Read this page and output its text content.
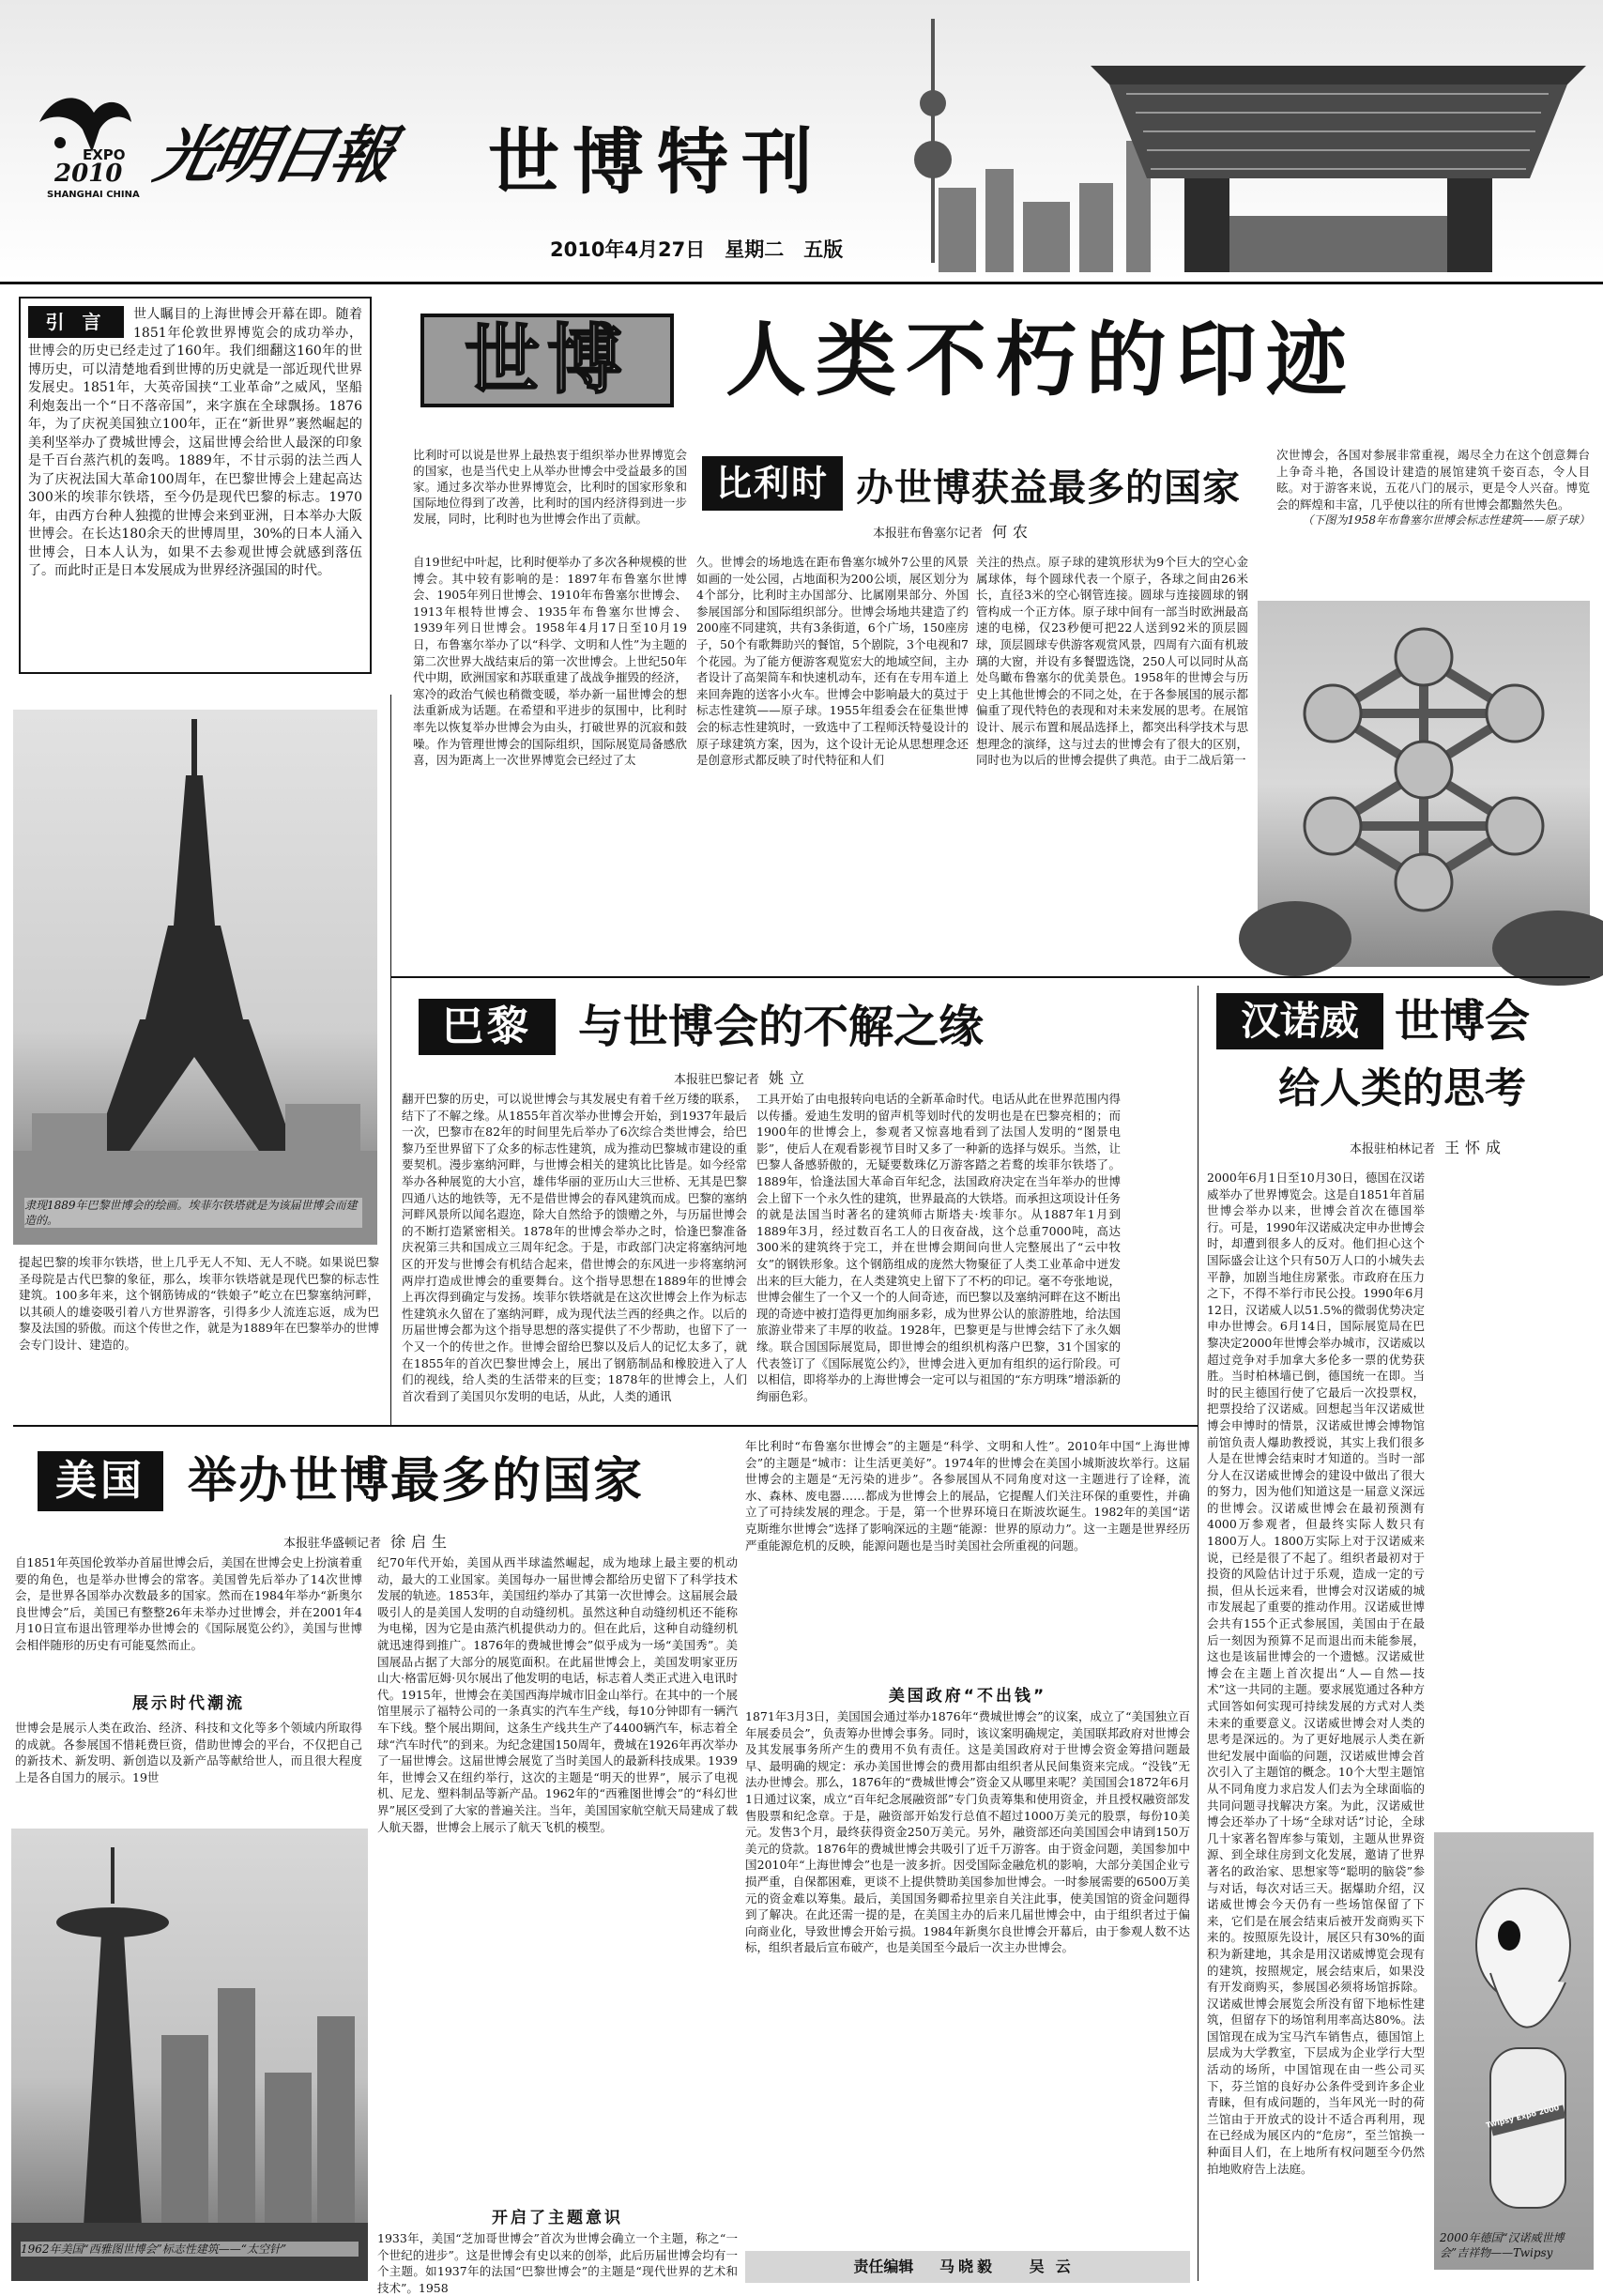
EXPO
2010
SHANGHAI CHINA
光明日報 世博特刊
2010年4月27日　星期二　五版
引 言	世人瞩目的上海世博会开幕在即。随着1851年伦敦世界博览会的成功举办，世博会的历史已经走过了160年。我们细翻这160年的世博历史，可以清楚地看到世博的历史就是一部近现代世界发展史。1851年，大英帝国挟“工业革命”之威风，坚船利炮轰出一个“日不落帝国”，来字旗在全球飘扬。1876年，为了庆祝美国独立100年，正在“新世界”裹然崛起的美利坚举办了费城世博会，这届世博会给世人最深的印象是千百台蒸汽机的轰鸣。1889年，不甘示弱的法兰西人为了庆祝法国大革命100周年，在巴黎世博会上建起高达300米的埃菲尔铁塔，至今仍是现代巴黎的标志。1970年，由西方台种人独揽的世博会来到亚洲，日本举办大阪世博会。在长达180余天的世博周里，30%的日本人涌入世博会，日本人认为，如果不去参观世博会就感到落伍了。而此时正是日本发展成为世界经济强国的时代。
世博	人类不朽的印迹
比利时可以说是世界上最热衷于组织举办世界博览会的国家，也是当代史上从举办世博会中受益最多的国家。通过多次举办世界博览会，比利时的国家形象和国际地位得到了改善，比利时的国内经济得到进一步发展，同时，比利时也为世博会作出了贡献。
比利时 办世博获益最多的国家
本报驻布鲁塞尔记者 何农
自19世纪中叶起，比利时便举办了多次各种规模的世博会。其中较有影响的是：1897年布鲁塞尔世博会、1905年列日世博会、1910年布鲁塞尔世博会、1913年根特世博会、1935年布鲁塞尔世博会、1939年列日世博会。1958年4月17日至10月19日，布鲁塞尔举办了以“科学、文明和人性”为主题的第二次世界大战结束后的第一次世博会。上世纪50年代中期，欧洲国家和苏联重建了战战争摧毁的经济，寒冷的政治气候也稍微变暖，举办新一届世博会的想法重新成为话题。在希望和平进步的氛围中，比利时率先以恢复举办世博会为由头，打破世界的沉寂和鼓噪。作为管理世博会的国际组织，国际展览局备感欣喜，因为距离上一次世界博览会已经过了太
久。世博会的场地选在距布鲁塞尔城外7公里的风景如画的一处公园，占地面积为200公顷，展区划分为4个部分，比利时主办国部分、比属刚果部分、外国参展国部分和国际组织部分。世博会场地共建造了约200座不同建筑，共有3条街道，6个广场，150座房子，50个有歌舞助兴的餐馆，5个剧院，3个电视和7个花园。为了能方便游客观览宏大的地域空间，主办者设计了高架简车和快速机动车，还有在专用车道上来回奔跑的送客小火车。世博会中影响最大的莫过于标志性建筑——原子球。1955年组委会在征集世博会的标志性建筑时，一致选中了工程师沃特曼设计的原子球建筑方案，因为，这个设计无论从思想理念还是创意形式都反映了时代特征和人们
关注的热点。原子球的建筑形状为9个巨大的空心金属球体，每个圆球代表一个原子，各球之间由26米长，直径3米的空心钢管连接。圆球与连接圆球的钢管构成一个正方体。原子球中间有一部当时欧洲最高速的电梯，仅23秒便可把22人送到92米的顶层圆球，顶层圆球专供游客观赏风景，四周有六面有机玻璃的大窗，并设有多餐盟选饶，250人可以同时从高处鸟瞰布鲁塞尔的优美景色。1958年的世博会与历史上其他世博会的不同之处，在于各参展国的展示都偏重了现代特色的表现和对未来发展的思考。在展馆设计、展示布置和展品选择上，都突出科学技术与思想理念的演绎，这与过去的世博会有了很大的区别，同时也为以后的世博会提供了典范。由于二战后第一
次世博会，各国对参展非常重视，竭尽全力在这个创意舞台上争奇斗艳，各国设计建造的展馆建筑千姿百态，令人目眩。对于游客来说，五花八门的展示，更是令人兴奋。博览会的辉煌和丰富，几乎使以往的所有世博会都黯然失色。

（下图为1958年布鲁塞尔世博会标志性建筑——原子球）
隶现1889年巴黎世博会的绘画。埃菲尔铁塔就是为该届世博会而建造的。
提起巴黎的埃菲尔铁塔，世上几乎无人不知、无人不晓。如果说巴黎圣母院是古代巴黎的象征，那么，埃菲尔铁塔就是现代巴黎的标志性建筑。100多年来，这个钢筋铸成的“铁娘子”屹立在巴黎塞纳河畔，以其硕人的雄姿吸引着八方世界游客，引得多少人流连忘返，成为巴黎及法国的骄傲。而这个传世之作，就是为1889年在巴黎举办的世博会专门设计、建造的。
巴黎	与世博会的不解之缘
本报驻巴黎记者 姚立
翻开巴黎的历史，可以说世博会与其发展史有着千丝万缕的联系，结下了不解之缘。从1855年首次举办世博会开始，到1937年最后一次，巴黎市在82年的时间里先后举办了6次综合类世博会，给巴黎乃至世界留下了众多的标志性建筑，成为推动巴黎城市建设的重要契机。漫步塞纳河畔，与世博会相关的建筑比比皆是。如今经常举办各种展览的大小宫，雄伟华丽的亚历山大三世桥、无其是巴黎四通八达的地铁等，无不是借世博会的春风建筑而成。巴黎的塞纳河畔风景所以闻名遐迩，除大自然给予的馈赠之外，与历届世博会的不断打造紧密相关。1878年的世博会举办之时，恰逢巴黎准备庆祝第三共和国成立三周年纪念。于是，市政部门决定将塞纳河地区的开发与世博会有机结合起来，借世博会的东风进一步将塞纳河两岸打造成世博会的重要舞台。这个指导思想在1889年的世博会上再次得到确定与发扬。埃菲尔铁塔就是在这次世博会上作为标志性建筑永久留在了塞纳河畔，成为现代法兰西的经典之作。以后的历届世博会都为这个指导思想的落实提供了不少帮助，也留下了一个又一个的传世之作。世博会留给巴黎以及后人的记忆太多了，就在1855年的首次巴黎世博会上，展出了钢筋制品和橡胶进入了人们的视线，给人类的生活带来的巨变；1878年的世博会上，人们首次看到了美国贝尔发明的电话，从此，人类的通讯
工具开始了由电报转向电话的全新革命时代。电话从此在世界范围内得以传播。爱迪生发明的留声机等划时代的发明也是在巴黎亮相的；而1900年的世博会上，参观者又惊喜地看到了法国人发明的“图景电影”，使后人在观看影视节目时又多了一种新的选择与娱乐。当然，让巴黎人备感骄傲的，无疑要数珠亿万游客踏之若鹜的埃菲尔铁塔了。1889年，恰逢法国大革命百年纪念，法国政府决定在当年举办的世博会上留下一个永久性的建筑，世界最高的大铁塔。而承担这项设计任务的就是法国当时著名的建筑师古斯塔夫·埃菲尔。从1887年1月到1889年3月，经过数百名工人的日夜奋战，这个总重7000吨，高达300米的建筑终于完工，并在世博会期间向世人完整展出了“云中牧女”的钢铁形象。这个钢筋组成的庞然大物聚征了人类工业革命中迸发出来的巨大能力，在人类建筑史上留下了不朽的印记。毫不夸张地说，世博会催生了一个又一个的人间奇迹，而巴黎以及塞纳河畔在这不断出现的奇迹中被打造得更加绚丽多彩，成为世界公认的旅游胜地，给法国旅游业带来了丰厚的收益。1928年，巴黎更是与世博会结下了永久姻缘。联合国国际展览局，即世博会的组织机构落户巴黎，31个国家的代表签订了《国际展览公约》，世博会进入更加有组织的运行阶段。可以相信，即将举办的上海世博会一定可以与祖国的“东方明珠”增添新的绚丽色彩。
汉诺威 世博会
给人类的思考
本报驻柏林记者 王怀成
2000年6月1日至10月30日，德国在汉诺威举办了世界博览会。这是自1851年首届世博会举办以来，世博会首次在德国举行。可是，1990年汉诺威决定申办世博会时，却遭到很多人的反对。他们担心这个国际盛会让这个只有50万人口的小城失去平静，加剧当地住房紧张。市政府在压力之下，不得不举行市民公投。1990年6月12日，汉诺威人以51.5%的微弱优势决定申办世博会。6月14日，国际展览局在巴黎决定2000年世博会举办城市，汉诺威以超过竞争对手加拿大多伦多一票的优势获胜。当时柏林墙已倒，德国统一在即。当时的民主德国行使了它最后一次投票权，把票投给了汉诺威。回想起当年汉诺威世博会申博时的情景，汉诺威世博会博物馆前馆负责人爆助教授说，其实上我们很多人是在世博会结束时才知道的。当时一部分人在汉诺威世博会的建设中做出了很大的努力，因为他们知道这是一届意义深远的世博会。汉诺威世博会在最初预测有4000万参观者，但最终实际人数只有1800万人。1800万实际上对于汉诺威来说，已经是很了不起了。组织者最初对于投资的风险估计过于乐观，造成一定的亏损，但从长远来看，世博会对汉诺威的城市发展起了重要的推动作用。汉诺威世博会共有155个正式参展国，美国由于在最后一刻因为预算不足而退出而未能参展，这也是该届世博会的一个遗憾。汉诺威世博会在主题上首次提出“人—自然—技术”这一共同的主题。要求展览通过各种方式回答如何实现可持续发展的方式对人类未来的重要意义。汉诺威世博会对人类的思考是深远的。为了更好地展示人类在新世纪发展中面临的问题，汉诺威世博会首次引入了主题馆的概念。10个大型主题馆从不同角度力求启发人们去为全球面临的共同问题寻找解决方案。为此，汉诺威世博会还举办了十场“全球对话”讨论，全球几十家著名智库参与策划，主题从世界资源、到全球住房到文化发展，邀请了世界著名的政治家、思想家等“聪明的脑袋”参与对话，每次对话三天。据爆助介绍，汉诺威世博会今天仍有一些场馆保留了下来，它们是在展会结束后被开发商购买下来的。按照原先设计，展区只有30%的面积为新建地，其余是用汉诺威博览会现有的建筑，按照规定，展会结束后，如果没有开发商购买，参展国必须将场馆拆除。汉诺威世博会展览会所没有留下地标性建筑，但留存下的场馆利用率高达80%。法国馆现在成为宝马汽车销售点，德国馆上层成为大学教室，下层成为企业学行大型活动的场所，中国馆现在由一些公司买下，芬兰馆的良好办公条件受到许多企业青睐，但有成问题的，当年风光一时的荷兰馆由于开放式的设计不适合再利用，现在已经成为展区内的“危房”，至兰馆换一种面目人们，在上地所有权问题至今仍然拍地败府告上法庭。
Twipsy Expo 2000
2000年德国“汉诺威世博会”吉祥物——Twipsy
美国 举办世博最多的国家
本报驻华盛顿记者 徐启生
自1851年英国伦敦举办首届世博会后，美国在世博会史上扮演着重要的角色，也是举办世博会的常客。美国曾先后举办了14次世博会，是世界各国举办次数最多的国家。然而在1984年举办“新奥尔良世博会”后，美国已有整整26年未举办过世博会，并在2001年4月10日宣布退出管理举办世博会的《国际展览公约》，美国与世博会相伴随形的历史有可能戛然而止。
展示时代潮流
世博会是展示人类在政治、经济、科技和文化等多个领域内所取得的成就。各参展国不惜耗费巨资，借助世博会的平台，不仅把自己的新技术、新发明、新创造以及新产品等献给世人，而且很大程度上是各自国力的展示。19世
1962年美国“西雅图世博会”标志性建筑——“太空针”
纪70年代开始，美国从西半球溘然崛起，成为地球上最主要的机动动，最大的工业国家。美国每办一届世博会都给历史留下了科学技术发展的轨迹。1853年，美国纽约举办了其第一次世博会。这届展会最吸引人的是美国人发明的自动缝纫机。虽然这种自动缝纫机还不能称为电梯，因为它是由蒸汽机提供动力的。但在此后，这种自动缝纫机就迅速得到推广。1876年的费城世博会”似乎成为一场“美国秀”。美国展品占据了大部分的展览面积。在此届世博会上，美国发明家亚历山大·格雷厄姆·贝尔展出了他发明的电话，标志着人类正式进入电讯时代。1915年，世博会在美国西海岸城市旧金山举行。在其中的一个展馆里展示了福特公司的一条真实的汽车生产线，每10分钟即有一辆汽车下线。整个展出期间，这条生产线共生产了4400辆汽车，标志着全球“汽车时代”的到来。为纪念建国150周年，费城在1926年再次举办了一届世博会。这届世博会展览了当时美国人的最新科技成果。1939年，世博会又在纽约举行，这次的主题是“明天的世界”，展示了电视机、尼龙、塑料制品等新产品。1962年的“西雅图世博会”的“科幻世界”展区受到了大家的普遍关注。当年，美国国家航空航天局建成了载人航天器，世博会上展示了航天飞机的模型。
开启了主题意识
1933年，美国“芝加哥世博会”首次为世博会确立一个主题，称之“一个世纪的进步”。这是世博会有史以来的创举，此后历届世博会均有一个主题。如1937年的法国“巴黎世博会”的主题是“现代世界的艺术和技术”。1958
年比利时“布鲁塞尔世博会”的主题是“科学、文明和人性”。2010年中国“上海世博会”的主题是“城市：让生活更美好”。1974年的世博会在美国小城斯波坎举行。这届世博会的主题是“无污染的进步”。各参展国从不同角度对这一主题进行了诠释，流水、森林、废电器……都成为世博会上的展品，它提醒人们关注环保的重要性，并确立了可持续发展的理念。于是，第一个世界环境日在斯波坎诞生。1982年的美国“诺克斯维尔世博会”选择了影响深远的主题“能源：世界的原动力”。这一主题是世界经历严重能源危机的反映，能源问题也是当时美国社会所重视的问题。
美国政府“不出钱”
1871年3月3日，美国国会通过举办1876年“费城世博会”的议案，成立了“美国独立百年展委员会”，负责筹办世博会事务。同时，该议案明确规定，美国联邦政府对世博会及其发展事务所产生的费用不负有责任。这是美国政府对于世博会资金筹措问题最早、最明确的规定：承办美国世博会的费用都由组织者从民间集资来完成。“没钱”无法办世博会。那么，1876年的“费城世博会”资金又从哪里来呢？美国国会1872年6月1日通过议案，成立“百年纪念展融资部”专门负责筹集和使用资金，并且授权融资部发售股票和纪念章。于是，融资部开始发行总值不超过1000万美元的股票，每份10美元。发售3个月，最终获得资金250万美元。另外，融资部还向美国国会申请到150万美元的贷款。1876年的费城世博会共吸引了近千万游客。由于资金问题，美国参加中国2010年“上海世博会”也是一波多折。因受国际金融危机的影响，大部分美国企业亏损严重，自保都困难，更谈不上提供赞助美国参加世博会。一时参展需要的6500万美元的资金难以筹集。最后，美国国务卿希拉里亲自关注此事，使美国馆的资金问题得到了解决。在此还需一提的是，在美国主办的后来几届世博会中，由于组织者过于偏向商业化，导致世博会开始亏损。1984年新奥尔良世博会开幕后，由于参观人数不达标，组织者最后宣布破产，也是美国至今最后一次主办世博会。
责任编辑 马晓毅 吴云
